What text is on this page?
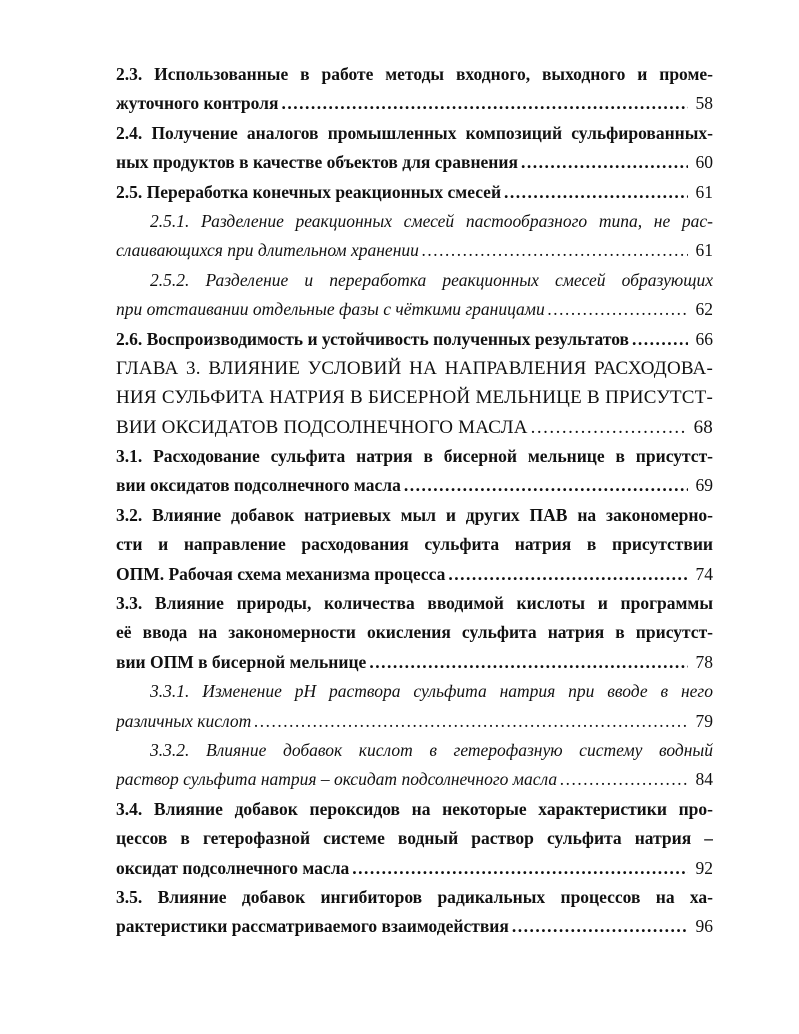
2.3. Использованные в работе методы входного, выходного и проме-
жуточного контроля .....	58
2.4. Получение аналогов промышленных композиций сульфированных-
ных продуктов в качестве объектов для сравнения .....	60
2.5. Переработка конечных реакционных смесей .....	61
2.5.1. Разделение реакционных смесей пастообразного типа, не рас-
слаивающихся при длительном хранении .....	61
2.5.2. Разделение и переработка реакционных смесей образующих
при отстаивании отдельные фазы с чёткими границами .....	62
2.6. Воспроизводимость и устойчивость полученных результатов .....	66
ГЛАВА 3. ВЛИЯНИЕ УСЛОВИЙ НА НАПРАВЛЕНИЯ РАСХОДОВА-
НИЯ СУЛЬФИТА НАТРИЯ В БИСЕРНОЙ МЕЛЬНИЦЕ В ПРИСУТСТ-
ВИИ ОКСИДАТОВ ПОДСОЛНЕЧНОГО МАСЛА .....	68
3.1. Расходование сульфита натрия в бисерной мельнице в присутст-
вии оксидатов подсолнечного масла .....	69
3.2. Влияние добавок натриевых мыл и других ПАВ на закономерно-
сти и направление расходования сульфита натрия в присутствии
ОПМ. Рабочая схема механизма процесса .....	74
3.3. Влияние природы, количества вводимой кислоты и программы
её ввода на закономерности окисления сульфита натрия в присутст-
вии ОПМ в бисерной мельнице .....	78
3.3.1. Изменение pH раствора сульфита натрия при вводе в него
различных кислот .....	79
3.3.2. Влияние добавок кислот в гетерофазную систему водный
раствор сульфита натрия – оксидат подсолнечного масла .....	84
3.4. Влияние добавок пероксидов на некоторые характеристики про-
цессов в гетерофазной системе водный раствор сульфита натрия –
оксидат подсолнечного масла .....	92
3.5. Влияние добавок ингибиторов радикальных процессов на ха-
рактеристики рассматриваемого взаимодействия .....	96
